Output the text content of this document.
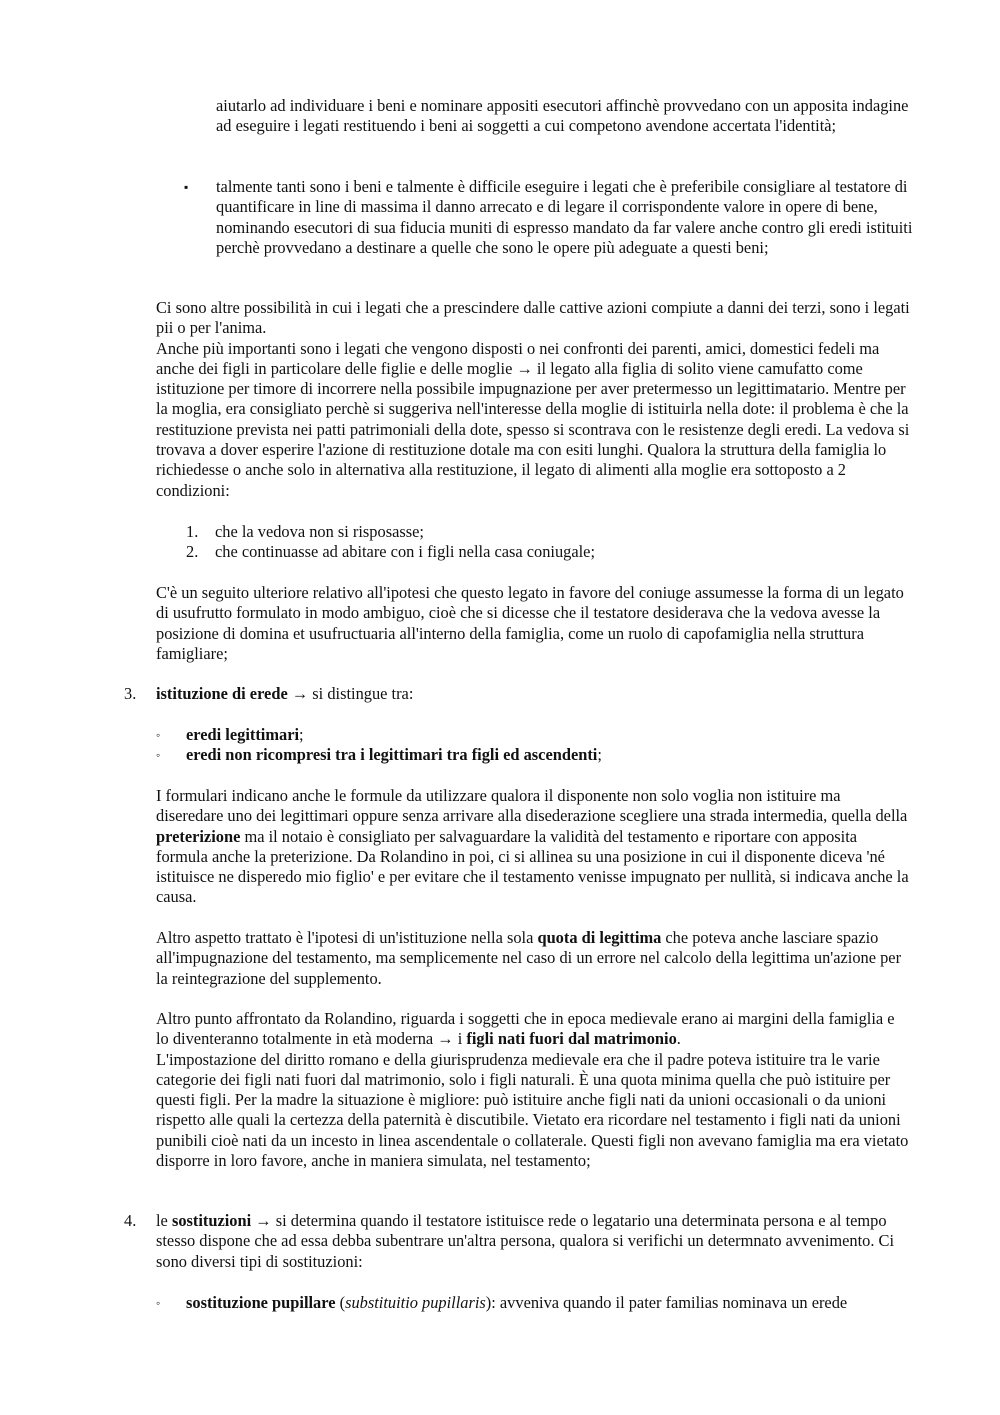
aiutarlo ad individuare i beni e nominare appositi esecutori affinchè provvedano con un apposita indagine ad eseguire i legati restituendo i beni ai soggetti a cui competono avendone accertata l'identità;

▪ talmente tanti sono i beni e talmente è difficile eseguire i legati che è preferibile consigliare al testatore di quantificare in line di massima il danno arrecato e di legare il corrispondente valore in opere di bene, nominando esecutori di sua fiducia muniti di espresso mandato da far valere anche contro gli eredi istituiti perchè provvedano a destinare a quelle che sono le opere più adeguate a questi beni;

Ci sono altre possibilità in cui i legati che a prescindere dalle cattive azioni compiute a danni dei terzi, sono i legati pii o per l'anima.

Anche più importanti sono i legati che vengono disposti o nei confronti dei parenti, amici, domestici fedeli ma anche dei figli in particolare delle figlie e delle moglie → il legato alla figlia di solito viene camufatto come istituzione per timore di incorrere nella possibile impugnazione per aver pretermesso un legittimatario. Mentre per la moglia, era consigliato perchè si suggeriva nell'interesse della moglie di istituirla nella dote: il problema è che la restituzione prevista nei patti patrimoniali della dote, spesso si scontrava con le resistenze degli eredi. La vedova si trovava a dover esperire l'azione di restituzione dotale ma con esiti lunghi. Qualora la struttura della famiglia lo richiedesse o anche solo in alternativa alla restituzione, il legato di alimenti alla moglie era sottoposto a 2 condizioni:

1. che la vedova non si risposasse;

2. che continuasse ad abitare con i figli nella casa coniugale;

C'è un seguito ulteriore relativo all'ipotesi che questo legato in favore del coniuge assumesse la forma di un legato di usufrutto formulato in modo ambiguo, cioè che si dicesse che il testatore desiderava che la vedova avesse la posizione di domina et usufructuaria all'interno della famiglia, come un ruolo di capofamiglia nella struttura famigliare;

3. istituzione di erede → si distingue tra:

◦ eredi legittimari;

◦ eredi non ricompresi tra i legittimari tra figli ed ascendenti;

I formulari indicano anche le formule da utilizzare qualora il disponente non solo voglia non istituire ma diseredare uno dei legittimari oppure senza arrivare alla disederazione scegliere una strada intermedia, quella della preterizione ma il notaio è consigliato per salvaguardare la validità del testamento e riportare con apposita formula anche la preterizione. Da Rolandino in poi, ci si allinea su una posizione in cui il disponente diceva 'né istituisce ne disperedo mio figlio' e per evitare che il testamento venisse impugnato per nullità, si indicava anche la causa.

Altro aspetto trattato è l'ipotesi di un'istituzione nella sola quota di legittima che poteva anche lasciare spazio all'impugnazione del testamento, ma semplicemente nel caso di un errore nel calcolo della legittima un'azione per la reintegrazione del supplemento.

Altro punto affrontato da Rolandino, riguarda i soggetti che in epoca medievale erano ai margini della famiglia e lo diventeranno totalmente in età moderna → i figli nati fuori dal matrimonio.

L'impostazione del diritto romano e della giurisprudenza medievale era che il padre poteva istituire tra le varie categorie dei figli nati fuori dal matrimonio, solo i figli naturali. È una quota minima quella che può istituire per questi figli. Per la madre la situazione è migliore: può istituire anche figli nati da unioni occasionali o da unioni rispetto alle quali la certezza della paternità è discutibile. Vietato era ricordare nel testamento i figli nati da unioni punibili cioè nati da un incesto in linea ascendentale o collaterale. Questi figli non avevano famiglia ma era vietato disporre in loro favore, anche in maniera simulata, nel testamento;

4. le sostituzioni → si determina quando il testatore istituisce rede o legatario una determinata persona e al tempo stesso dispone che ad essa debba subentrare un'altra persona, qualora si verifichi un determnato avvenimento. Ci sono diversi tipi di sostituzioni:

◦ sostituzione pupillare (substituitio pupillaris): avveniva quando il pater familias nominava un erede
